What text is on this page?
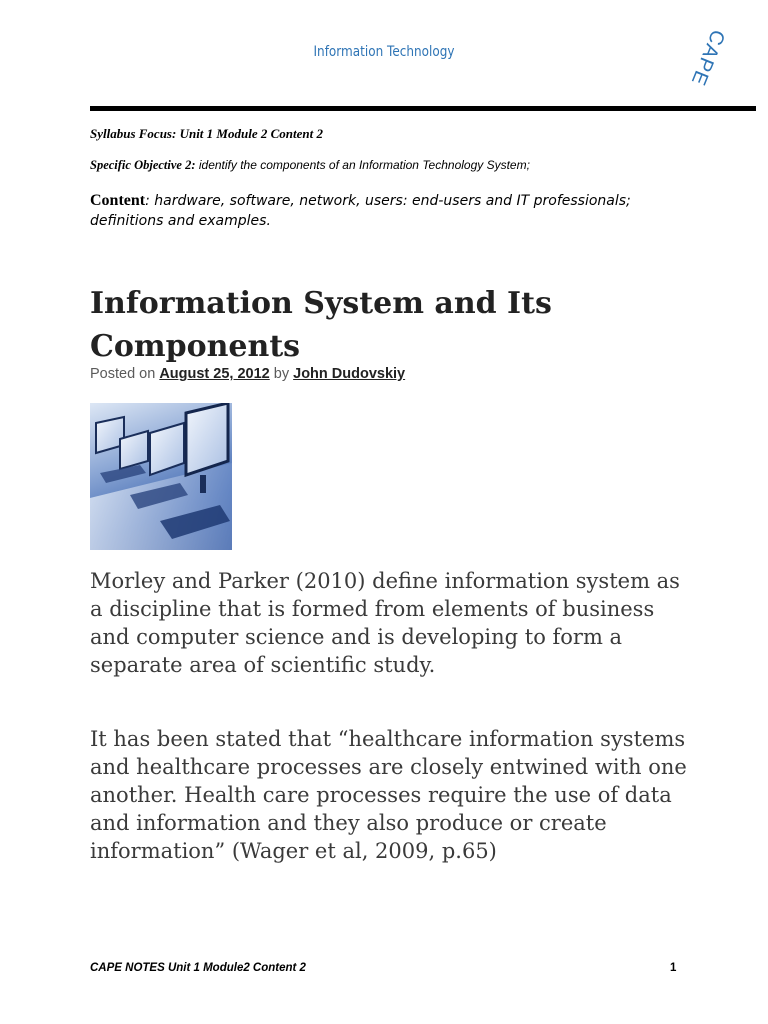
Information Technology	CAPE
Syllabus Focus: Unit 1 Module 2 Content 2
Specific Objective 2: identify the components of an Information Technology System;
Content: hardware, software, network, users: end-users and IT professionals; definitions and examples.
Information System and Its Components
Posted on August 25, 2012 by John Dudovskiy
Morley and Parker (2010) define information system as a discipline that is formed from elements of business and computer science and is developing to form a separate area of scientific study.
It has been stated that “healthcare information systems and healthcare processes are closely entwined with one another. Health care processes require the use of data and information and they also produce or create information” (Wager et al, 2009, p.65)
CAPE NOTES Unit 1 Module2 Content 2	1
